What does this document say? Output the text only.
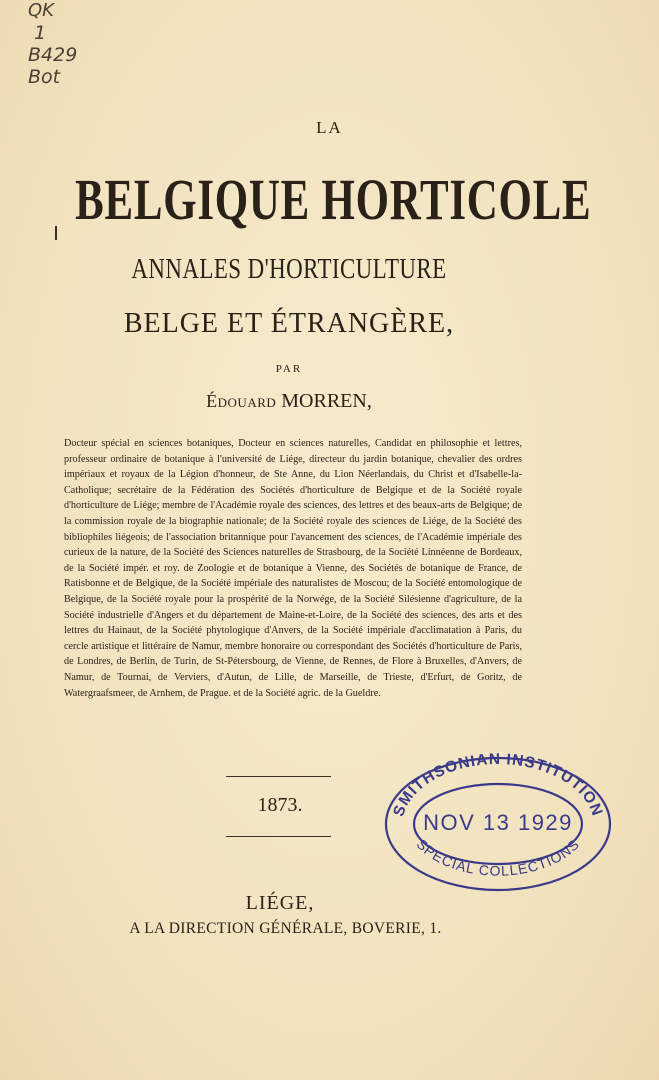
QK
1
B429
Bot
LA
BELGIQUE HORTICOLE
ANNALES D'HORTICULTURE
BELGE ET ÉTRANGÈRE,
PAR
Édouard MORREN,
Docteur spécial en sciences botaniques, Docteur en sciences naturelles, Candidat en philosophie et lettres, professeur ordinaire de botanique à l'université de Liége, directeur du jardin botanique, chevalier des ordres impériaux et royaux de la Légion d'honneur, de Ste Anne, du Lion Néerlandais, du Christ et d'Isabelle-la-Catholique; secrétaire de la Fédération des Sociétés d'horticulture de Belgique et de la Société royale d'horticulture de Liége; membre de l'Académie royale des sciences, des lettres et des beaux-arts de Belgique; de la commission royale de la biographie nationale; de la Société royale des sciences de Liége, de la Société des bibliophiles liégeois; de l'association britannique pour l'avancement des sciences, de l'Académie impériale des curieux de la nature, de la Société des Sciences naturelles de Strasbourg, de la Société Linnéenne de Bordeaux, de la Société impér. et roy. de Zoologie et de botanique à Vienne, des Sociétés de botanique de France, de Ratisbonne et de Belgique, de la Société impériale des naturalistes de Moscou; de la Société entomologique de Belgique, de la Société royale pour la prospérité de la Norwége, de la Société Silésienne d'agriculture, de la Société industrielle d'Angers et du département de Maine-et-Loire, de la Société des sciences, des arts et des lettres du Hainaut, de la Société phytologique d'Anvers, de la Société impériale d'acclimatation à Paris, du cercle artistique et littéraire de Namur, membre honoraire ou correspondant des Sociétés d'horticulture de Paris, de Londres, de Berlin, de Turin, de St-Pétersbourg, de Vienne, de Rennes, de Flore à Bruxelles, d'Anvers, de Namur, de Tournai, de Verviers, d'Autun, de Lille, de Marseille, de Trieste, d'Erfurt, de Goritz, de Watergraafsmeer, de Arnhem, de Prague. et de la Société agric. de la Gueldre.
1873.
LIÉGE,
A LA DIRECTION GÉNÉRALE, BOVERIE, 1.
SMITHSONIAN INSTITUTION
NOV 13 1929
SPECIAL COLLECTIONS
